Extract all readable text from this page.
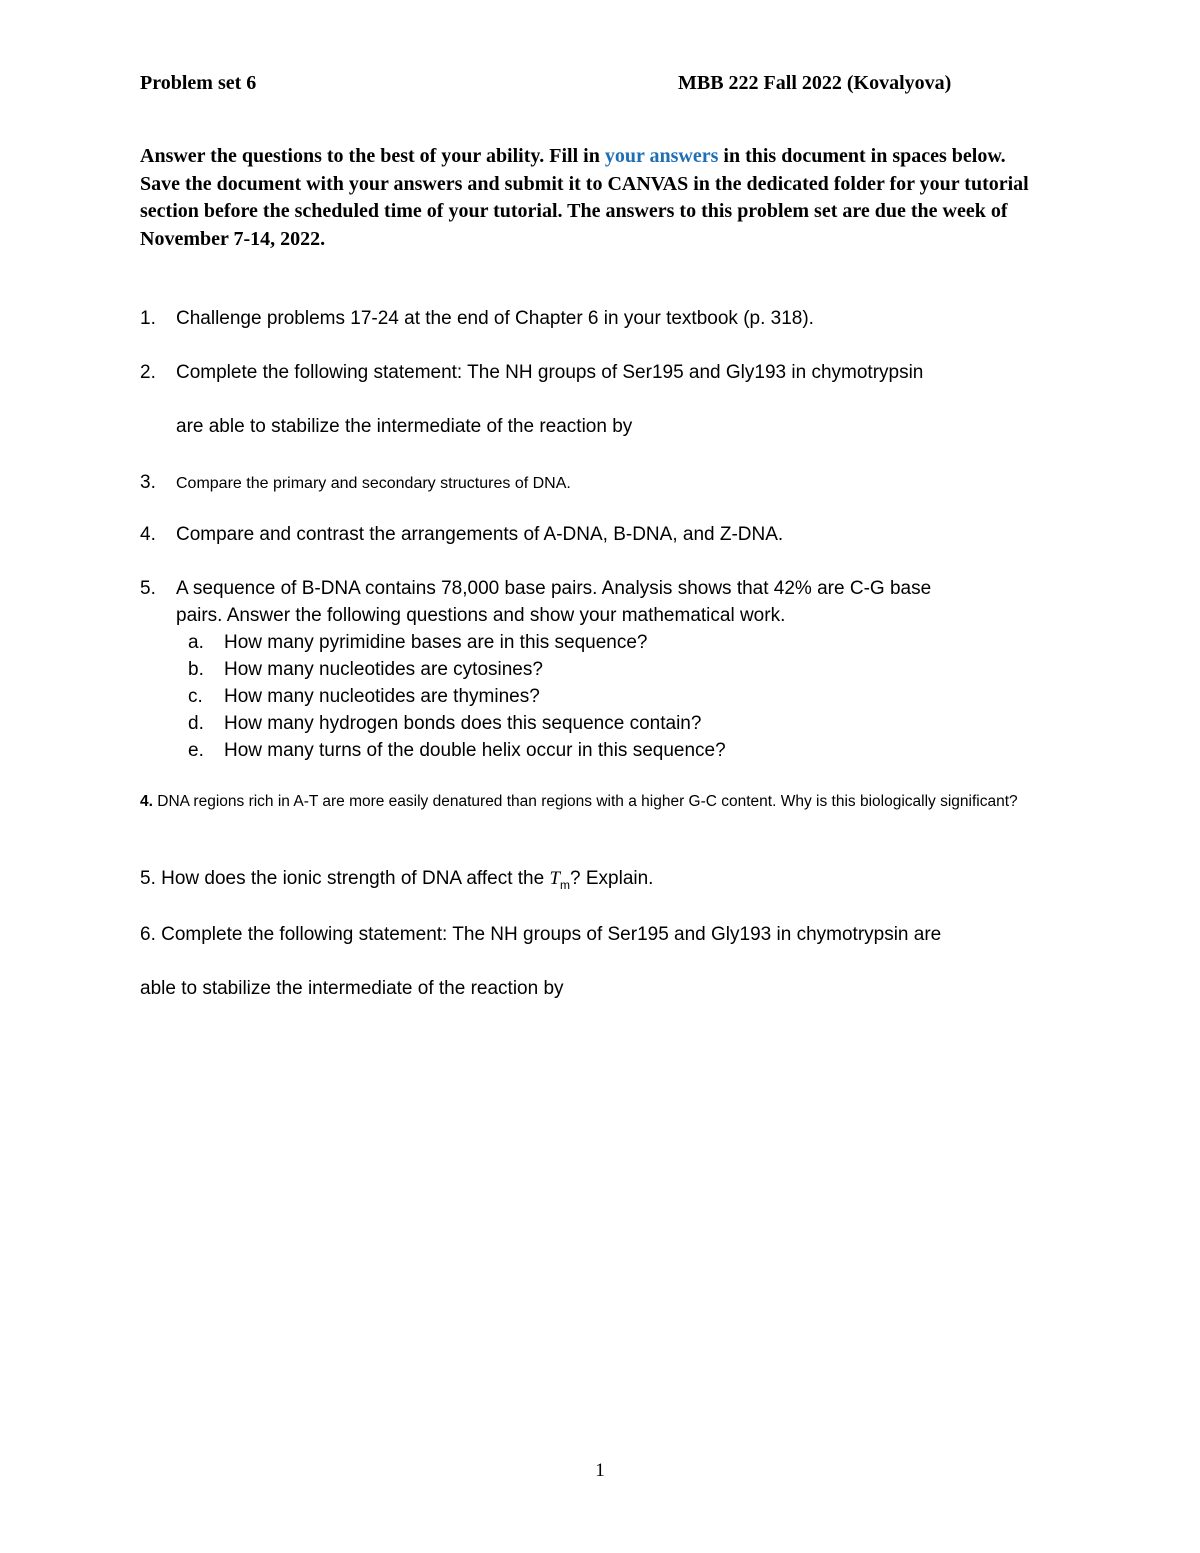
Problem set 6	MBB 222 Fall 2022 (Kovalyova)
Answer the questions to the best of your ability. Fill in your answers in this document in spaces below. Save the document with your answers and submit it to CANVAS in the dedicated folder for your tutorial section before the scheduled time of your tutorial. The answers to this problem set are due the week of November 7-14, 2022.
1. Challenge problems 17-24 at the end of Chapter 6 in your textbook (p. 318).
2. Complete the following statement: The NH groups of Ser195 and Gly193 in chymotrypsin
are able to stabilize the intermediate of the reaction by
3. Compare the primary and secondary structures of DNA.
4. Compare and contrast the arrangements of A-DNA, B-DNA, and Z-DNA.
5. A sequence of B-DNA contains 78,000 base pairs. Analysis shows that 42% are C-G base
pairs. Answer the following questions and show your mathematical work.
a. How many pyrimidine bases are in this sequence?
b. How many nucleotides are cytosines?
c. How many nucleotides are thymines?
d. How many hydrogen bonds does this sequence contain?
e. How many turns of the double helix occur in this sequence?
4. DNA regions rich in A-T are more easily denatured than regions with a higher G-C content. Why is this biologically significant?
5. How does the ionic strength of DNA affect the $T_m$? Explain.
6. Complete the following statement: The NH groups of Ser195 and Gly193 in chymotrypsin are
able to stabilize the intermediate of the reaction by
1
